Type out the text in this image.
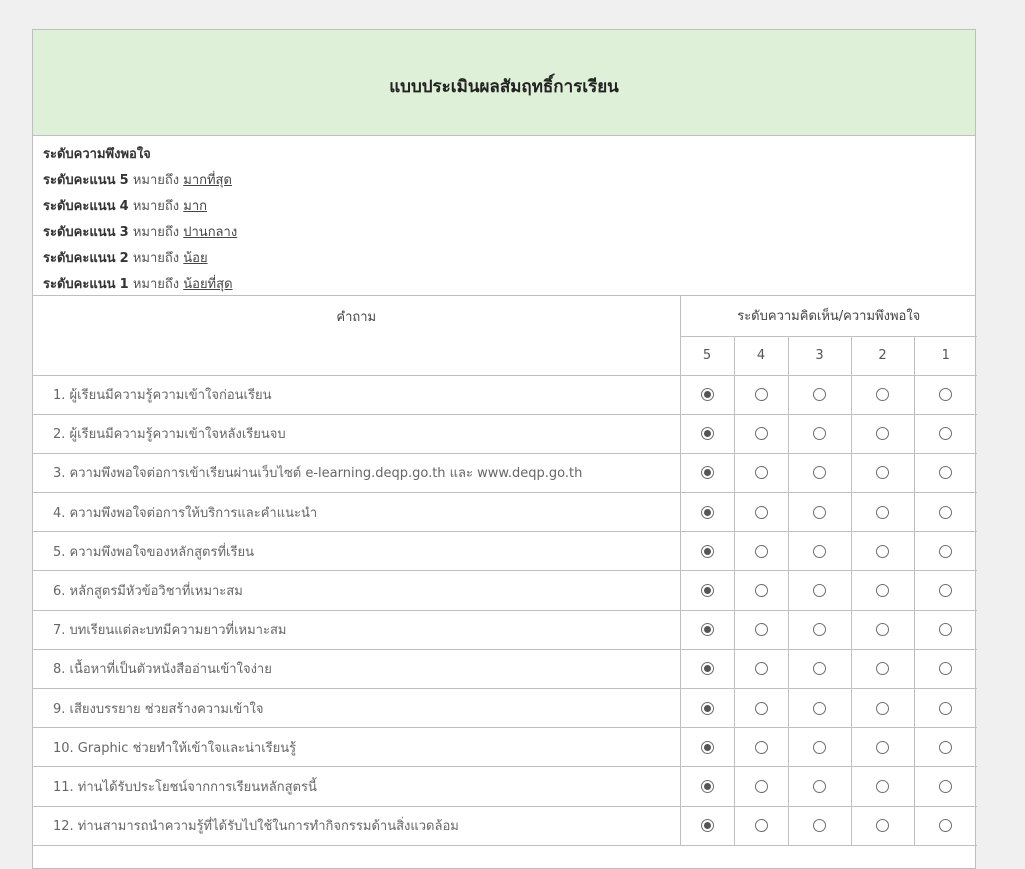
แบบประเมินผลสัมฤทธิ์การเรียน
ระดับความพึงพอใจ
ระดับคะแนน 5 หมายถึง มากที่สุด
ระดับคะแนน 4 หมายถึง มาก
ระดับคะแนน 3 หมายถึง ปานกลาง
ระดับคะแนน 2 หมายถึง น้อย
ระดับคะแนน 1 หมายถึง น้อยที่สุด
คำถาม	ระดับความคิดเห็น/ความพึงพอใจ				
	5	4	3	2	1
1. ผู้เรียนมีความรู้ความเข้าใจก่อนเรียน					
2. ผู้เรียนมีความรู้ความเข้าใจหลังเรียนจบ					
3. ความพึงพอใจต่อการเข้าเรียนผ่านเว็บไซต์ e-learning.deqp.go.th และ www.deqp.go.th					
4. ความพึงพอใจต่อการให้บริการและคำแนะนำ					
5. ความพึงพอใจของหลักสูตรที่เรียน					
6. หลักสูตรมีหัวข้อวิชาที่เหมาะสม					
7. บทเรียนแต่ละบทมีความยาวที่เหมาะสม					
8. เนื้อหาที่เป็นตัวหนังสืออ่านเข้าใจง่าย					
9. เสียงบรรยาย ช่วยสร้างความเข้าใจ					
10. Graphic ช่วยทำให้เข้าใจและน่าเรียนรู้					
11. ท่านได้รับประโยชน์จากการเรียนหลักสูตรนี้					
12. ท่านสามารถนำความรู้ที่ได้รับไปใช้ในการทำกิจกรรมด้านสิ่งแวดล้อม					
